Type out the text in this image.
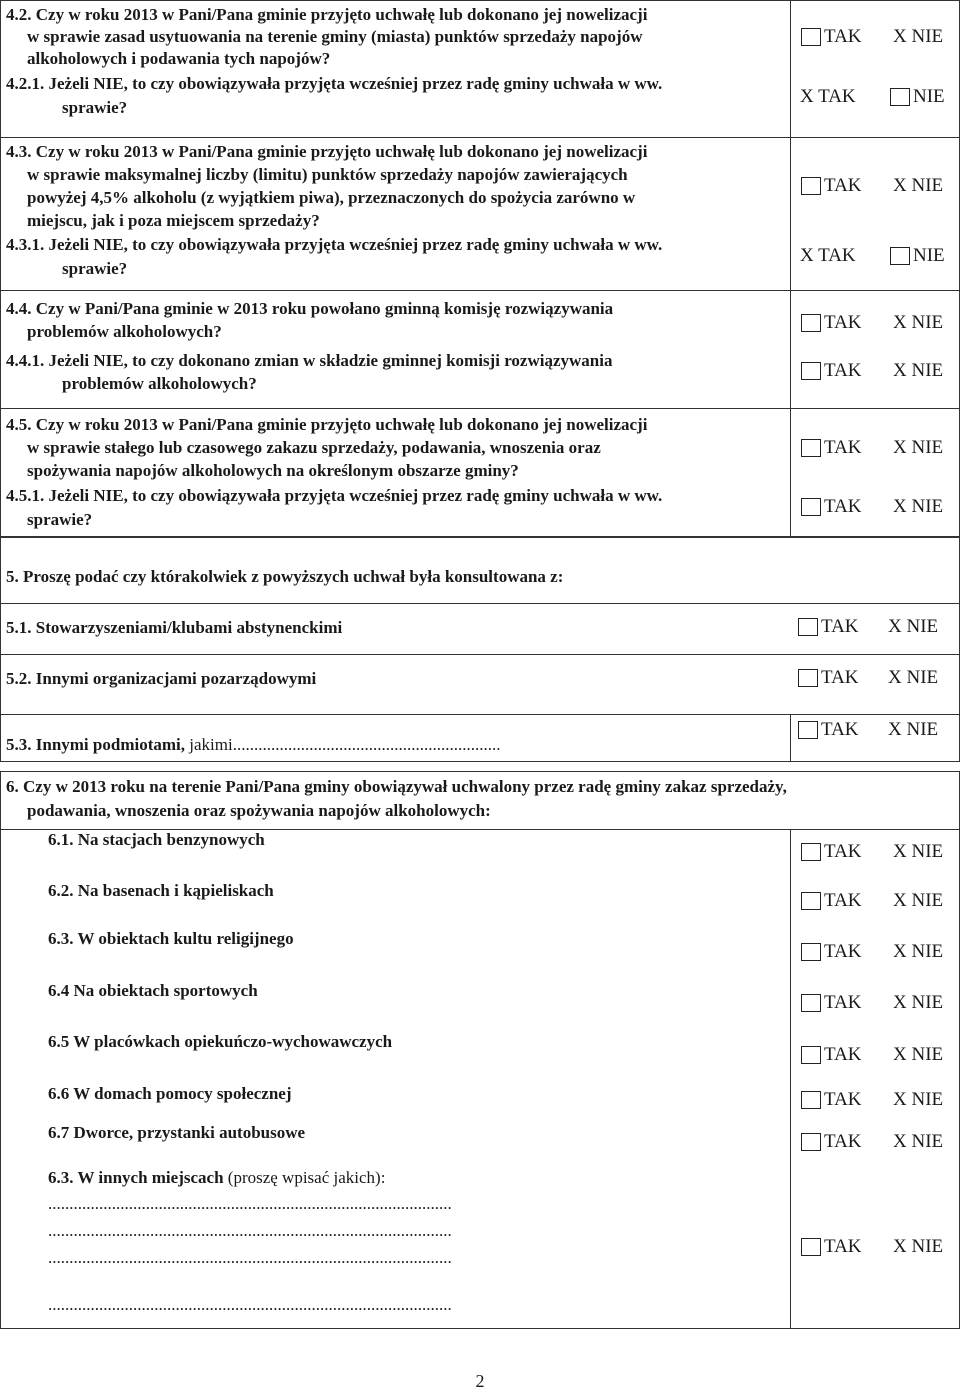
4.2. Czy w roku 2013 w Pani/Pana gminie przyjęto uchwałę lub dokonano jej nowelizacji
w sprawie zasad usytuowania na terenie gminy (miasta) punktów sprzedaży napojów
alkoholowych i podawania tych napojów?
4.2.1. Jeżeli NIE, to czy obowiązywała przyjęta wcześniej przez radę gminy uchwała w ww.
sprawie?
TAK X NIE
X TAK	NIE
4.3. Czy w roku 2013 w Pani/Pana gminie przyjęto uchwałę lub dokonano jej nowelizacji
w sprawie maksymalnej liczby (limitu) punktów sprzedaży napojów zawierających
powyżej 4,5% alkoholu (z wyjątkiem piwa), przeznaczonych do spożycia zarówno w
miejscu, jak i poza miejscem sprzedaży?
4.3.1. Jeżeli NIE, to czy obowiązywała przyjęta wcześniej przez radę gminy uchwała w ww.
sprawie?
TAK X NIE
X TAK	NIE
4.4. Czy w Pani/Pana gminie w 2013 roku powołano gminną komisję rozwiązywania
problemów alkoholowych?
4.4.1. Jeżeli NIE, to czy dokonano zmian w składzie gminnej komisji rozwiązywania
problemów alkoholowych?
TAK X NIE
TAK X NIE
4.5. Czy w roku 2013 w Pani/Pana gminie przyjęto uchwałę lub dokonano jej nowelizacji
w sprawie stałego lub czasowego zakazu sprzedaży, podawania, wnoszenia oraz
spożywania napojów alkoholowych na określonym obszarze gminy?
4.5.1. Jeżeli NIE, to czy obowiązywała przyjęta wcześniej przez radę gminy uchwała w ww.
sprawie?
TAK X NIE
TAK X NIE
5. Proszę podać czy którakolwiek z powyższych uchwał była konsultowana z:
5.1. Stowarzyszeniami/klubami abstynenckimi
5.2. Innymi organizacjami pozarządowymi
5.3. Innymi podmiotami, jakimi...............................................................
TAK X NIE
TAK X NIE
TAK X NIE
6. Czy w 2013 roku na terenie Pani/Pana gminy obowiązywał uchwalony przez radę gminy zakaz sprzedaży,
podawania, wnoszenia oraz spożywania napojów alkoholowych:
6.1. Na stacjach benzynowych
6.2. Na basenach i kąpieliskach
6.3. W obiektach kultu religijnego
6.4 Na obiektach sportowych
6.5 W placówkach opiekuńczo-wychowawczych
6.6 W domach pomocy społecznej
6.7 Dworce, przystanki autobusowe
6.3. W innych miejscach (proszę wpisać jakich):
...............................................................................................
...............................................................................................
...............................................................................................
...............................................................................................
TAK X NIE
TAK X NIE
TAK X NIE
TAK X NIE
TAK X NIE
TAK X NIE
TAK X NIE
TAK X NIE
2
